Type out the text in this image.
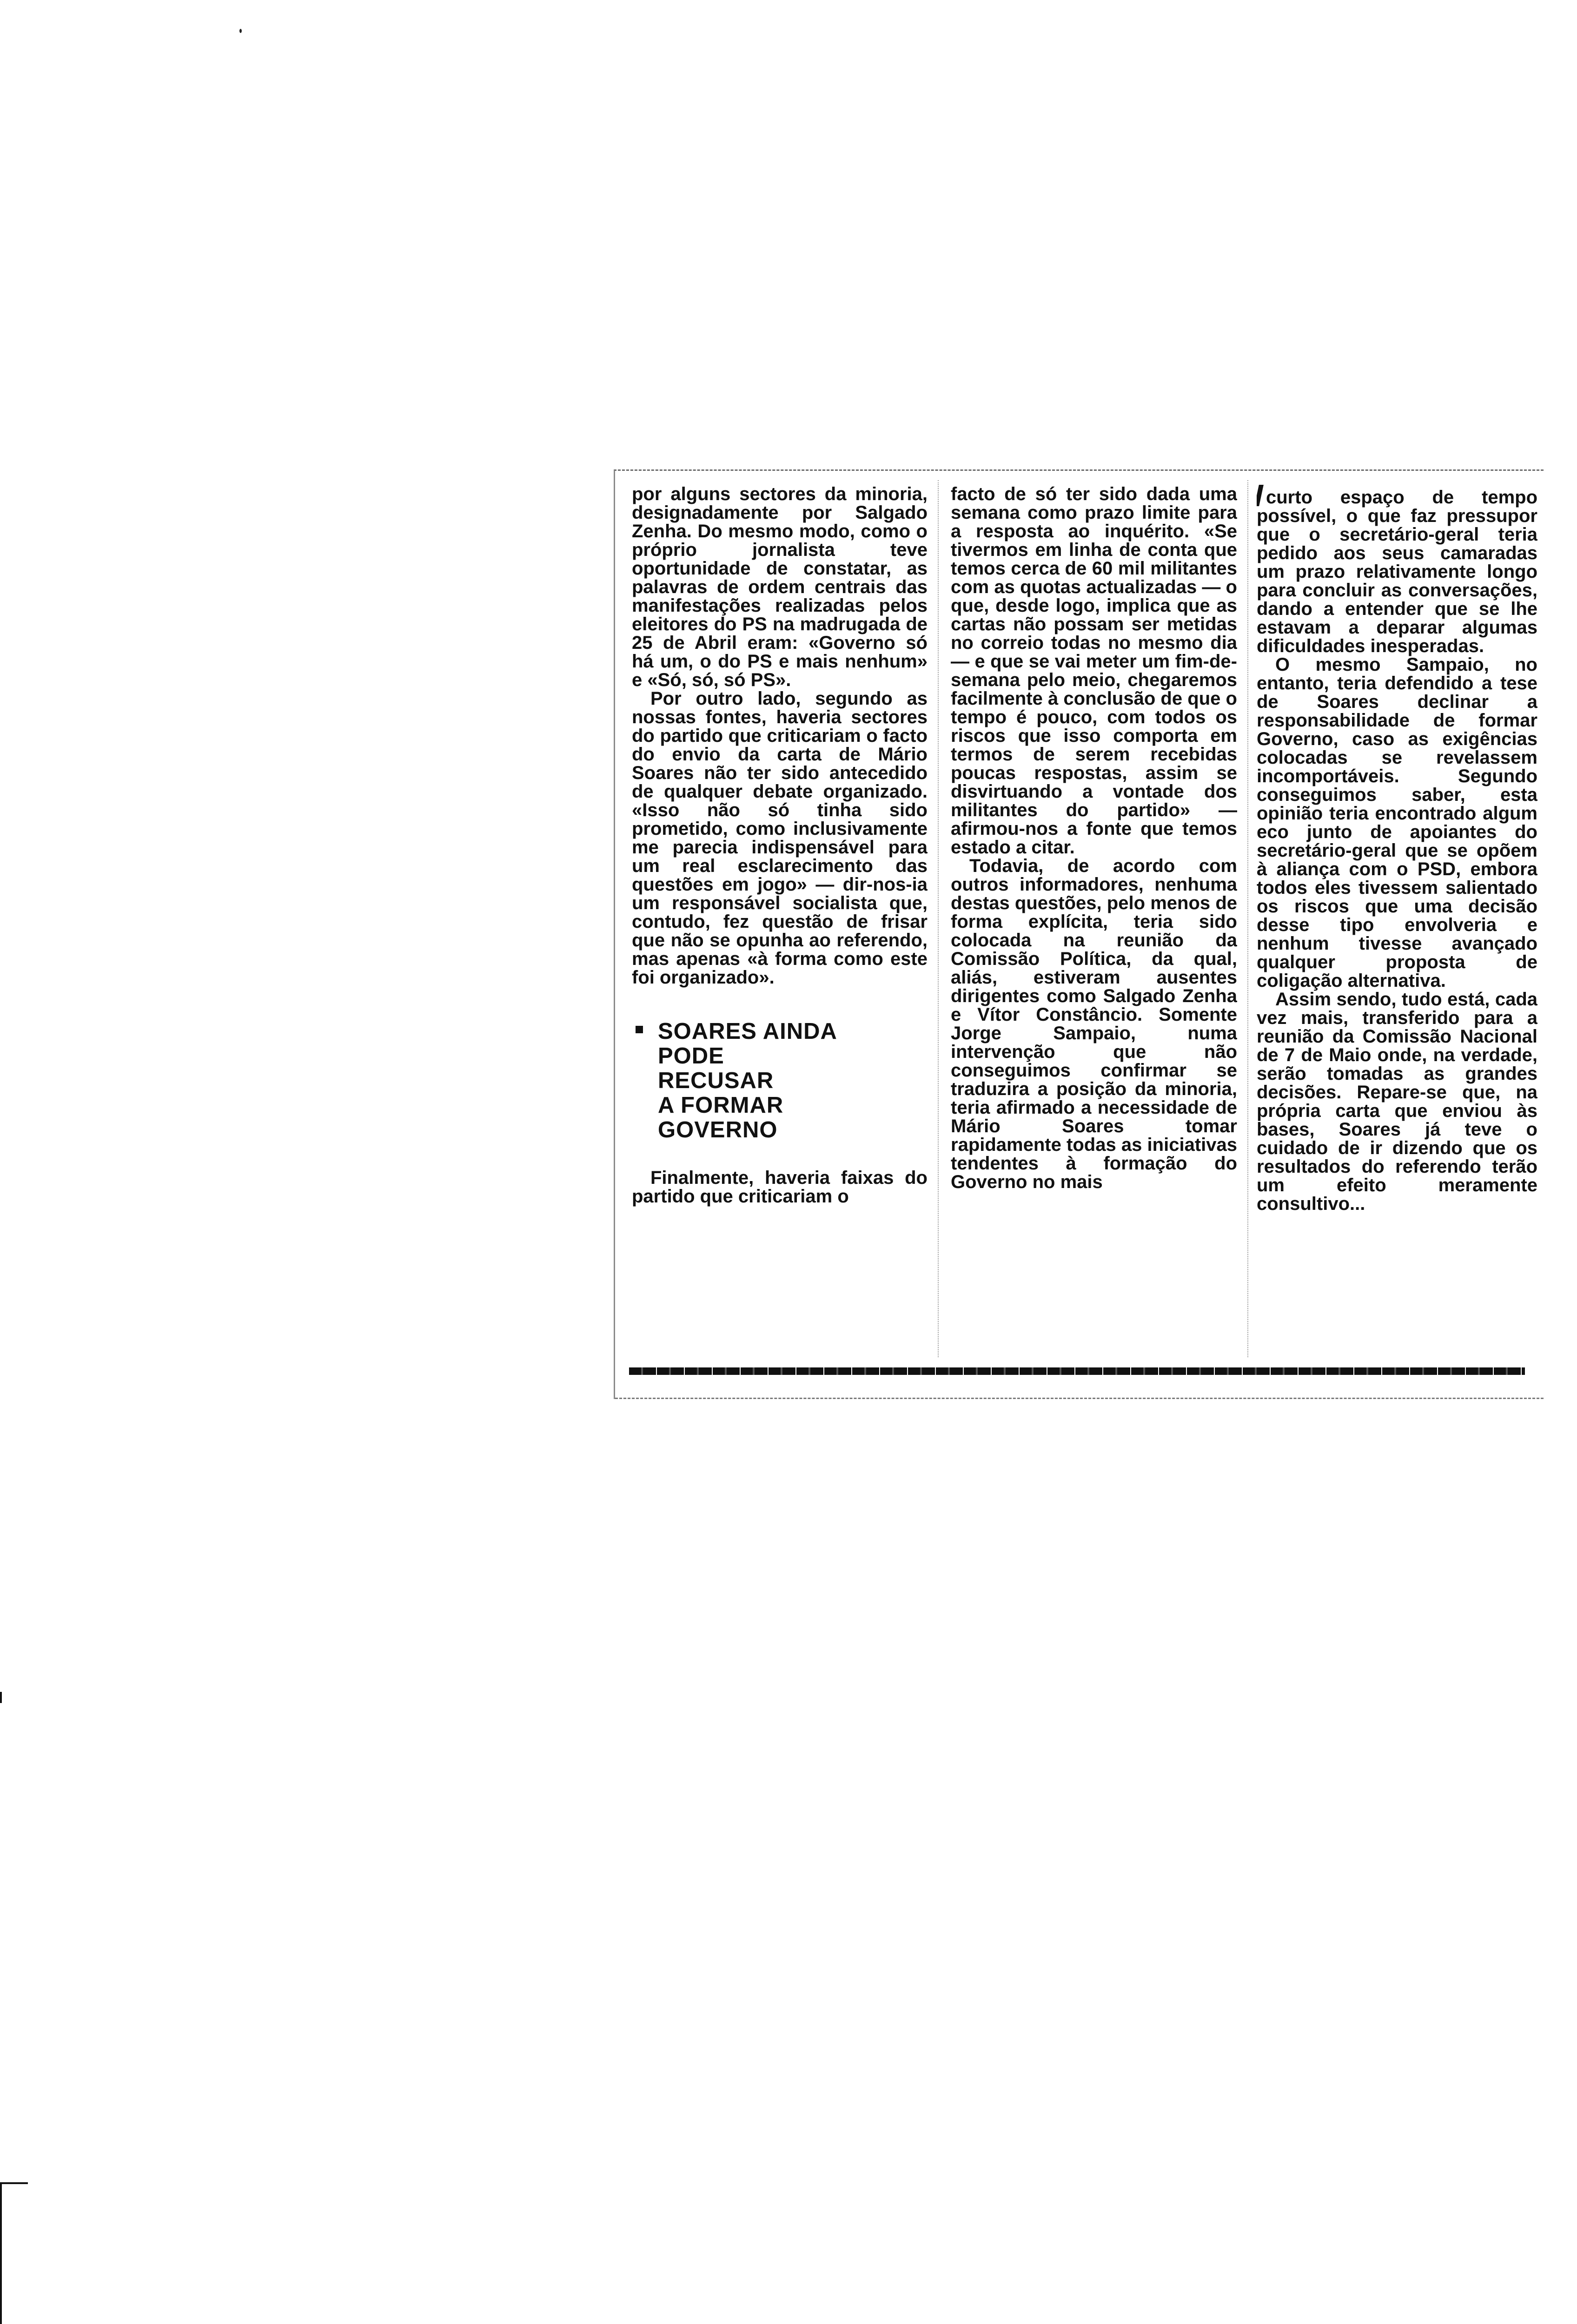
por alguns sectores da minoria, designadamente por Salgado Zenha. Do mesmo modo, como o próprio jornalista teve oportunidade de constatar, as palavras de ordem centrais das manifestações realizadas pelos eleitores do PS na madrugada de 25 de Abril eram: «Governo só há um, o do PS e mais nenhum» e «Só, só, só PS».

Por outro lado, segundo as nossas fontes, haveria sectores do partido que criticariam o facto do envio da carta de Mário Soares não ter sido antecedido de qualquer debate organizado. «Isso não só tinha sido prometido, como inclusivamente me parecia indispensável para um real esclarecimento das questões em jogo» — dir-nos-ia um responsável socialista que, contudo, fez questão de frisar que não se opunha ao referendo, mas apenas «à forma como este foi organizado».

SOARES AINDA
PODE
RECUSAR
A FORMAR
GOVERNO

Finalmente, haveria faixas do partido que criticariam o

facto de só ter sido dada uma semana como prazo limite para a resposta ao inquérito. «Se tivermos em linha de conta que temos cerca de 60 mil militantes com as quotas actualizadas — o que, desde logo, implica que as cartas não possam ser metidas no correio todas no mesmo dia — e que se vai meter um fim-de-semana pelo meio, chegaremos facilmente à conclusão de que o tempo é pouco, com todos os riscos que isso comporta em termos de serem recebidas poucas respostas, assim se disvirtuando a vontade dos militantes do partido» — afirmou-nos a fonte que temos estado a citar.

Todavia, de acordo com outros informadores, nenhuma destas questões, pelo menos de forma explícita, teria sido colocada na reunião da Comissão Política, da qual, aliás, estiveram ausentes dirigentes como Salgado Zenha e Vítor Constâncio. Somente Jorge Sampaio, numa intervenção que não conseguimos confirmar se traduzira a posição da minoria, teria afirmado a necessidade de Mário Soares tomar rapidamente todas as iniciativas tendentes à formação do Governo no mais

curto espaço de tempo possível, o que faz pressupor que o secretário-geral teria pedido aos seus camaradas um prazo relativamente longo para concluir as conversações, dando a entender que se lhe estavam a deparar algumas dificuldades inesperadas.

O mesmo Sampaio, no entanto, teria defendido a tese de Soares declinar a responsabilidade de formar Governo, caso as exigências colocadas se revelassem incomportáveis. Segundo conseguimos saber, esta opinião teria encontrado algum eco junto de apoiantes do secretário-geral que se opõem à aliança com o PSD, embora todos eles tivessem salientado os riscos que uma decisão desse tipo envolveria e nenhum tivesse avançado qualquer proposta de coligação alternativa.

Assim sendo, tudo está, cada vez mais, transferido para a reunião da Comissão Nacional de 7 de Maio onde, na verdade, serão tomadas as grandes decisões. Repare-se que, na própria carta que enviou às bases, Soares já teve o cuidado de ir dizendo que os resultados do referendo terão um efeito meramente consultivo...
